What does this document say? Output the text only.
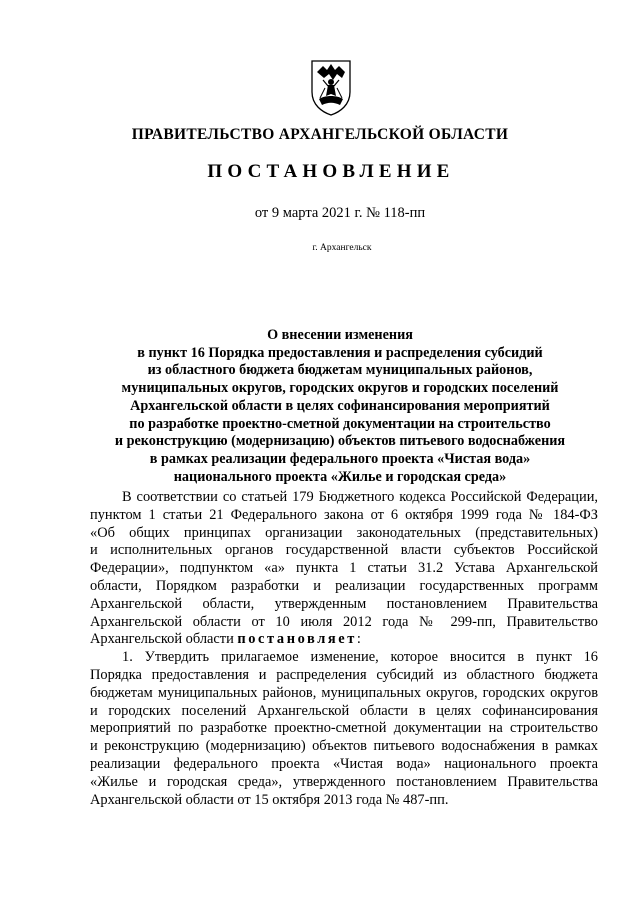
ПРАВИТЕЛЬСТВО АРХАНГЕЛЬСКОЙ ОБЛАСТИ
ПОСТАНОВЛЕНИЕ
от 9 марта 2021 г. № 118-пп
г. Архангельск
О внесении изменения
в пункт 16 Порядка предоставления и распределения субсидий
из областного бюджета бюджетам муниципальных районов,
муниципальных округов, городских округов и городских поселений
Архангельской области в целях софинансирования мероприятий
по разработке проектно-сметной документации на строительство
и реконструкцию (модернизацию) объектов питьевого водоснабжения
в рамках реализации федерального проекта «Чистая вода»
национального проекта «Жилье и городская среда»
В соответствии со статьей 179 Бюджетного кодекса Российской Федерации,
пунктом 1 статьи 21 Федерального закона от 6 октября 1999 года № 184-ФЗ
«Об общих принципах организации законодательных (представительных)
и исполнительных органов государственной власти субъектов Российской
Федерации», подпунктом «а» пункта 1 статьи 31.2 Устава Архангельской
области, Порядком разработки и реализации государственных программ
Архангельской области, утвержденным постановлением Правительства
Архангельской области от 10 июля 2012 года № 299-пп, Правительство
Архангельской области постановляет:
1. Утвердить прилагаемое изменение, которое вносится в пункт 16
Порядка предоставления и распределения субсидий из областного бюджета
бюджетам муниципальных районов, муниципальных округов, городских округов
и городских поселений Архангельской области в целях софинансирования
мероприятий по разработке проектно-сметной документации на строительство
и реконструкцию (модернизацию) объектов питьевого водоснабжения в рамках
реализации федерального проекта «Чистая вода» национального проекта
«Жилье и городская среда», утвержденного постановлением Правительства
Архангельской области от 15 октября 2013 года № 487-пп.
